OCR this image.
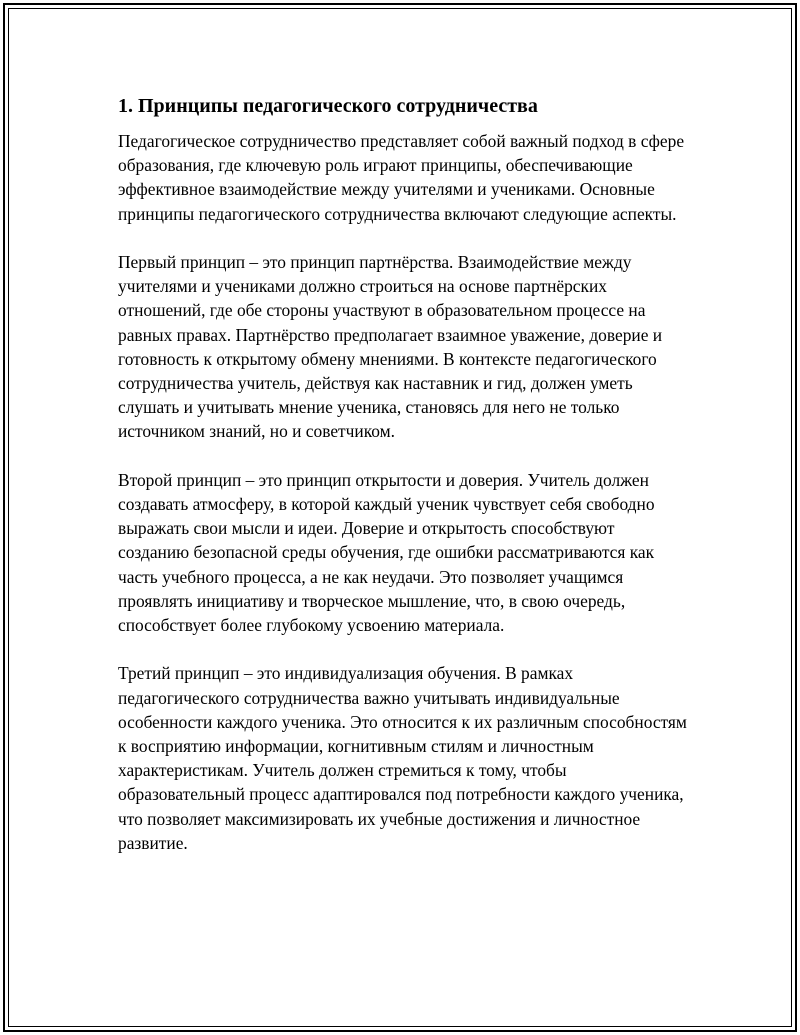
1. Принципы педагогического сотрудничества

Педагогическое сотрудничество представляет собой важный подход в сфере образования, где ключевую роль играют принципы, обеспечивающие эффективное взаимодействие между учителями и учениками. Основные принципы педагогического сотрудничества включают следующие аспекты.

Первый принцип – это принцип партнёрства. Взаимодействие между учителями и учениками должно строиться на основе партнёрских отношений, где обе стороны участвуют в образовательном процессе на равных правах. Партнёрство предполагает взаимное уважение, доверие и готовность к открытому обмену мнениями. В контексте педагогического сотрудничества учитель, действуя как наставник и гид, должен уметь слушать и учитывать мнение ученика, становясь для него не только источником знаний, но и советчиком.

Второй принцип – это принцип открытости и доверия. Учитель должен создавать атмосферу, в которой каждый ученик чувствует себя свободно выражать свои мысли и идеи. Доверие и открытость способствуют созданию безопасной среды обучения, где ошибки рассматриваются как часть учебного процесса, а не как неудачи. Это позволяет учащимся проявлять инициативу и творческое мышление, что, в свою очередь, способствует более глубокому усвоению материала.

Третий принцип – это индивидуализация обучения. В рамках педагогического сотрудничества важно учитывать индивидуальные особенности каждого ученика. Это относится к их различным способностям к восприятию информации, когнитивным стилям и личностным характеристикам. Учитель должен стремиться к тому, чтобы образовательный процесс адаптировался под потребности каждого ученика, что позволяет максимизировать их учебные достижения и личностное развитие.
